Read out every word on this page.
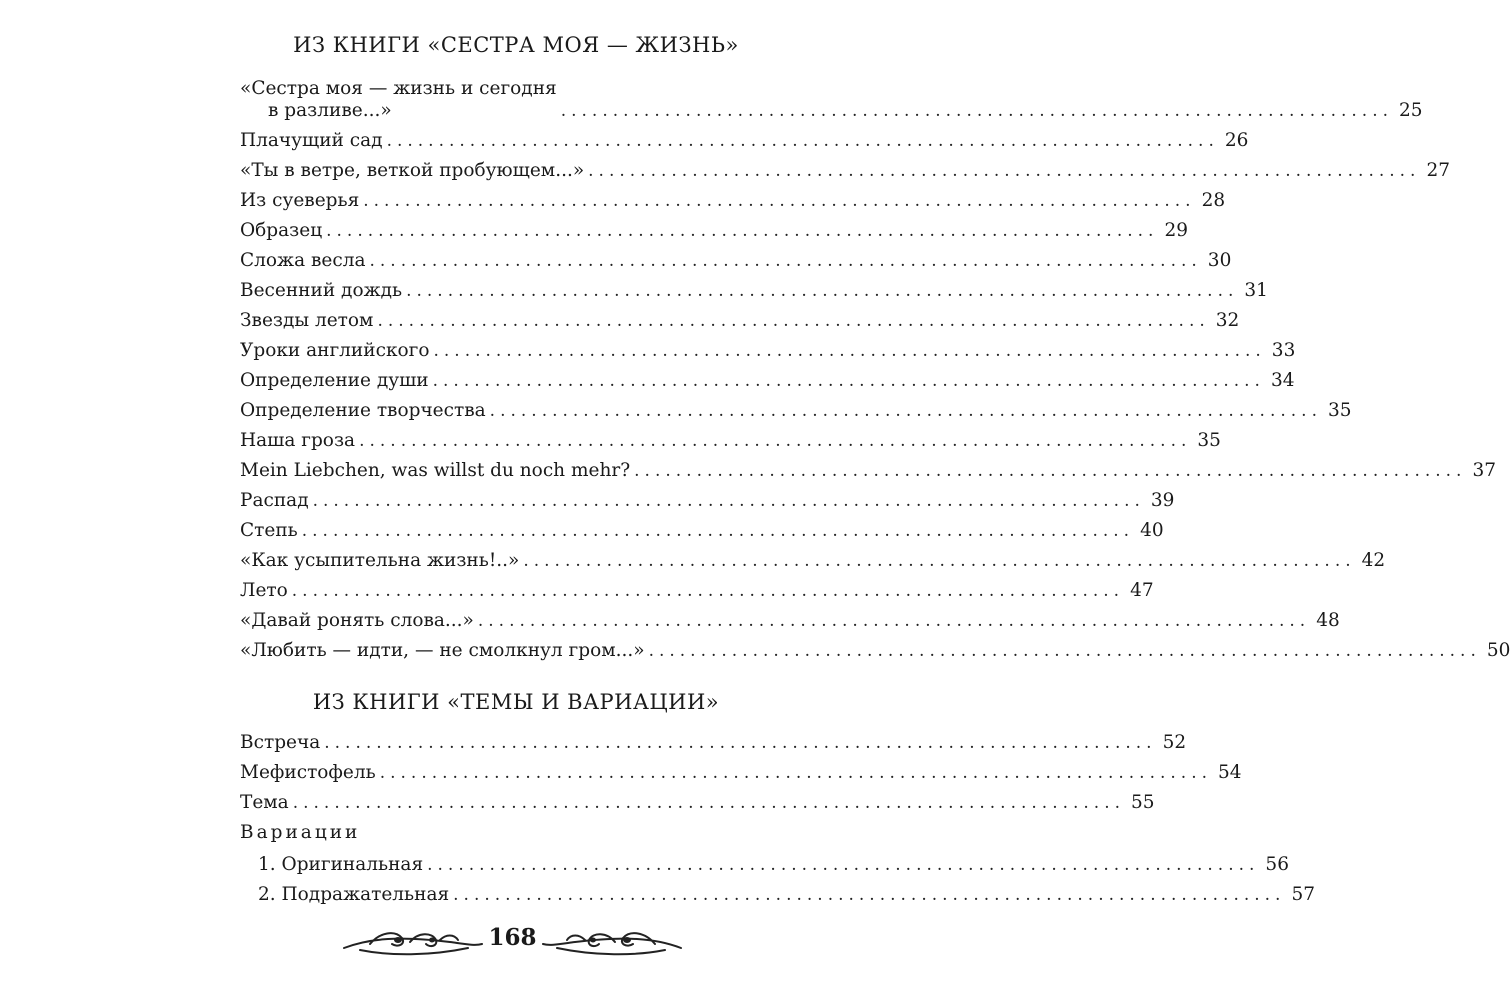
ИЗ КНИГИ «СЕСТРА МОЯ — ЖИЗНЬ»
«Сестра моя — жизнь и сегодня
в разливе...»	................................................................................ 25
Плачущий сад ................................................................................ 26
«Ты в ветре, веткой пробующем...» ................................................................................ 27
Из суеверья ................................................................................ 28
Образец ................................................................................ 29
Сложа весла ................................................................................ 30
Весенний дождь ................................................................................ 31
Звезды летом ................................................................................ 32
Уроки английского ................................................................................ 33
Определение души ................................................................................ 34
Определение творчества ................................................................................ 35
Наша гроза ................................................................................ 35
Mein Liebchen, was willst du noch mehr? ................................................................................ 37
Распад ................................................................................ 39
Степь ................................................................................ 40
«Как усыпительна жизнь!..» ................................................................................ 42
Лето ................................................................................ 47
«Давай ронять слова...» ................................................................................ 48
«Любить — идти, — не смолкнул гром...» ................................................................................ 50
ИЗ КНИГИ «ТЕМЫ И ВАРИАЦИИ»
Встреча ................................................................................ 52
Мефистофель ................................................................................ 54
Тема ................................................................................ 55
Вариации
1. Оригинальная ................................................................................ 56
2. Подражательная ................................................................................ 57
168
